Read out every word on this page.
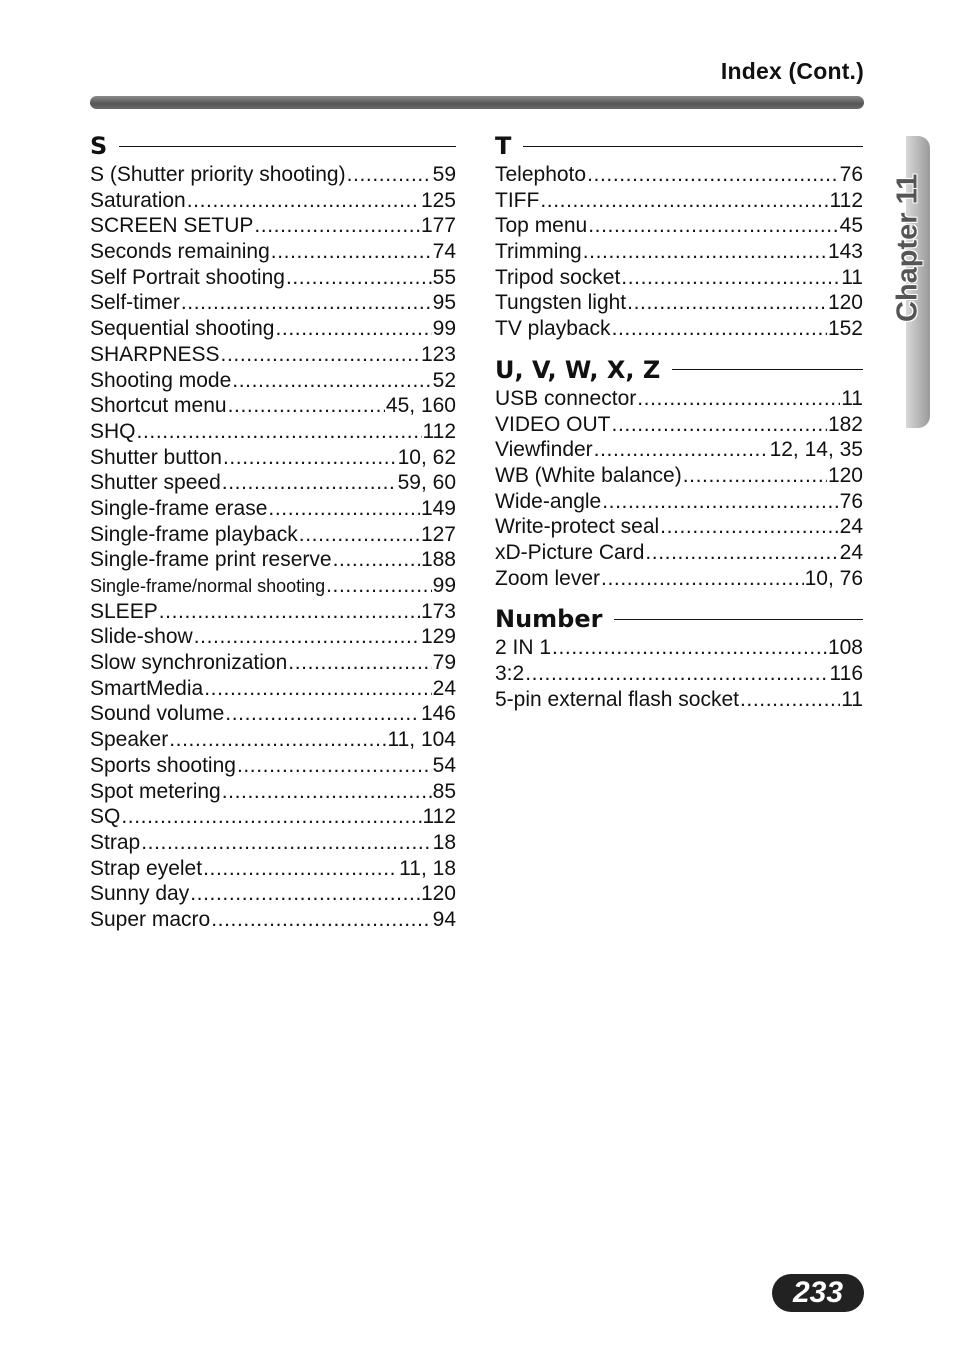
Index (Cont.)
Chapter 11
S
S (Shutter priority shooting) .....	59
Saturation .....	125
SCREEN SETUP .....	177
Seconds remaining .....	74
Self Portrait shooting .....	55
Self-timer .....	95
Sequential shooting .....	99
SHARPNESS .....	123
Shooting mode .....	52
Shortcut menu .....	45, 160
SHQ .....	112
Shutter button .....	10, 62
Shutter speed .....	59, 60
Single-frame erase .....	149
Single-frame playback .....	127
Single-frame print reserve .....	188
Single-frame/normal shooting .....	99
SLEEP .....	173
Slide-show .....	129
Slow synchronization .....	79
SmartMedia .....	24
Sound volume .....	146
Speaker .....	11, 104
Sports shooting .....	54
Spot metering .....	85
SQ .....	112
Strap .....	18
Strap eyelet .....	11, 18
Sunny day .....	120
Super macro .....	94
T
Telephoto .....	76
TIFF .....	112
Top menu .....	45
Trimming .....	143
Tripod socket .....	11
Tungsten light .....	120
TV playback .....	152
U, V, W, X, Z
USB connector .....	11
VIDEO OUT .....	182
Viewfinder .....	12, 14, 35
WB (White balance) .....	120
Wide-angle .....	76
Write-protect seal .....	24
xD-Picture Card .....	24
Zoom lever .....	10, 76
Number
2 IN 1 .....	108
3:2 .....	116
5-pin external flash socket .....	11
233
